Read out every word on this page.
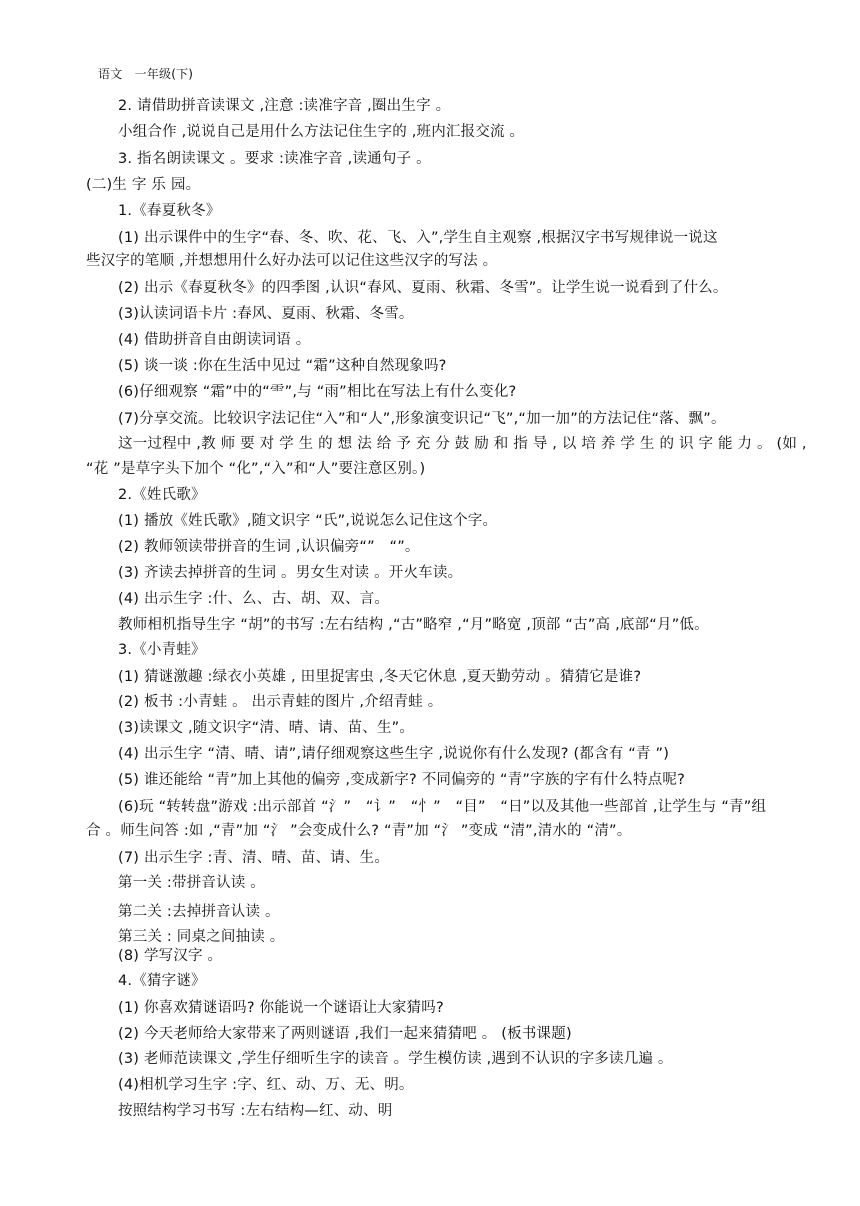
语文　一年级(下)
2. 请借助拼音读课文 ,注意 :读准字音 ,圈出生字 。
小组合作 ,说说自己是用什么方法记住生字的 ,班内汇报交流 。
3. 指名朗读课文 。要求 :读准字音 ,读通句子 。
(二)生 字 乐 园。
1.《春夏秋冬》
(1) 出示课件中的生字“春、冬、吹、花、飞、入”,学生自主观察 ,根据汉字书写规律说一说这
些汉字的笔顺 ,并想想用什么好办法可以记住这些汉字的写法 。
(2) 出示《春夏秋冬》的四季图 ,认识“春风、夏雨、秋霜、冬雪”。让学生说一说看到了什么。
(3)认读词语卡片 :春风、夏雨、秋霜、冬雪。
(4) 借助拼音自由朗读词语 。
(5) 谈一谈 :你在生活中见过 “霜”这种自然现象吗?
(6)仔细观察 “霜”中的“⻗”,与 “雨”相比在写法上有什么变化?
(7)分享交流。比较识字法记住“入”和“人”,形象演变识记“飞”,“加一加”的方法记住“落、飘”。
这一过程中 ,教 师 要 对 学 生 的 想 法 给 予 充 分 鼓 励 和 指 导 , 以 培 养 学 生 的 识 字 能 力 。 (如 ,
“花 ”是草字头下加个 “化”,“入”和“人”要注意区别。)
2.《姓氏歌》
(1) 播放《姓氏歌》,随文识字 “氏”,说说怎么记住这个字。
(2) 教师领读带拼音的生词 ,认识偏旁“”　“”。
(3) 齐读去掉拼音的生词 。男女生对读 。开火车读。
(4) 出示生字 :什、么、古、胡、双、言。
教师相机指导生字 “胡”的书写 :左右结构 ,“古”略窄 ,“月”略宽 ,顶部 “古”高 ,底部“月”低。
3.《小青蛙》
(1) 猜谜激趣 :绿衣小英雄 , 田里捉害虫 ,冬天它休息 ,夏天勤劳动 。猜猜它是谁?
(2) 板书 :小青蛙 。 出示青蛙的图片 ,介绍青蛙 。
(3)读课文 ,随文识字“清、晴、请、苗、生”。
(4) 出示生字 “清、晴、请”,请仔细观察这些生字 ,说说你有什么发现? (都含有 “青 ”)
(5) 谁还能给 “青”加上其他的偏旁 ,变成新字? 不同偏旁的 “青”字族的字有什么特点呢?
(6)玩 “转转盘”游戏 :出示部首 “氵”　“讠”　“忄”　“目”　“日”以及其他一些部首 ,让学生与 “青”组
合 。师生问答 :如 ,“青”加 “氵 ”会变成什么? “青”加 “氵 ”变成 “清”,清水的 “清”。
(7) 出示生字 :青、清、晴、苗、请、生。
第一关 :带拼音认读 。
第二关 :去掉拼音认读 。
第三关 : 同桌之间抽读 。
(8) 学写汉字 。
4.《猜字谜》
(1) 你喜欢猜谜语吗? 你能说一个谜语让大家猜吗?
(2) 今天老师给大家带来了两则谜语 ,我们一起来猜猜吧 。 (板书课题)
(3) 老师范读课文 ,学生仔细听生字的读音 。学生模仿读 ,遇到不认识的字多读几遍 。
(4)相机学习生字 :字、红、动、万、无、明。
按照结构学习书写 :左右结构—红、动、明
